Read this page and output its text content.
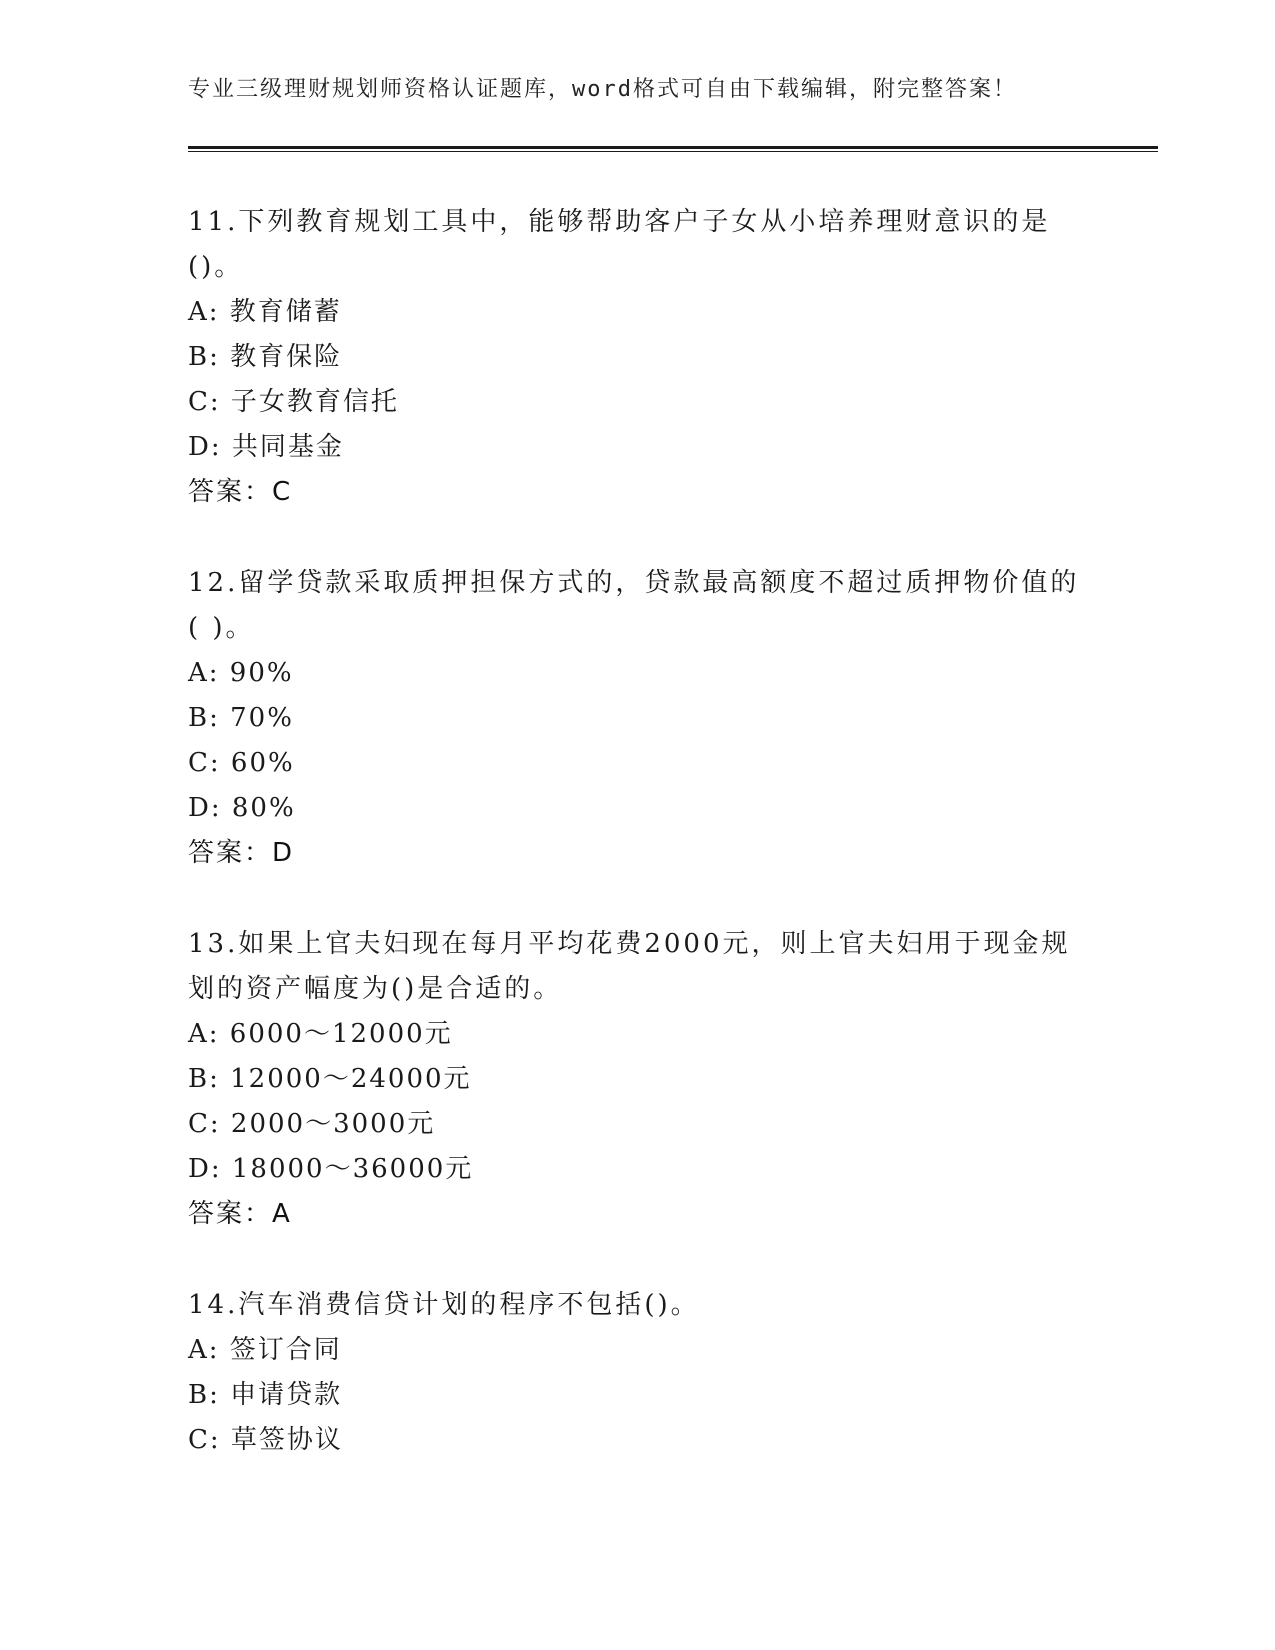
专业三级理财规划师资格认证题库，word格式可自由下载编辑，附完整答案！

11.下列教育规划工具中，能够帮助客户子女从小培养理财意识的是()。

A: 教育储蓄

B: 教育保险

C: 子女教育信托

D: 共同基金

答案：C

12.留学贷款采取质押担保方式的，贷款最高额度不超过质押物价值的( )。

A: 90%

B: 70%

C: 60%

D: 80%

答案：D

13.如果上官夫妇现在每月平均花费2000元，则上官夫妇用于现金规划的资产幅度为()是合适的。

A: 6000～12000元

B: 12000～24000元

C: 2000～3000元

D: 18000～36000元

答案：A

14.汽车消费信贷计划的程序不包括()。

A: 签订合同

B: 申请贷款

C: 草签协议
